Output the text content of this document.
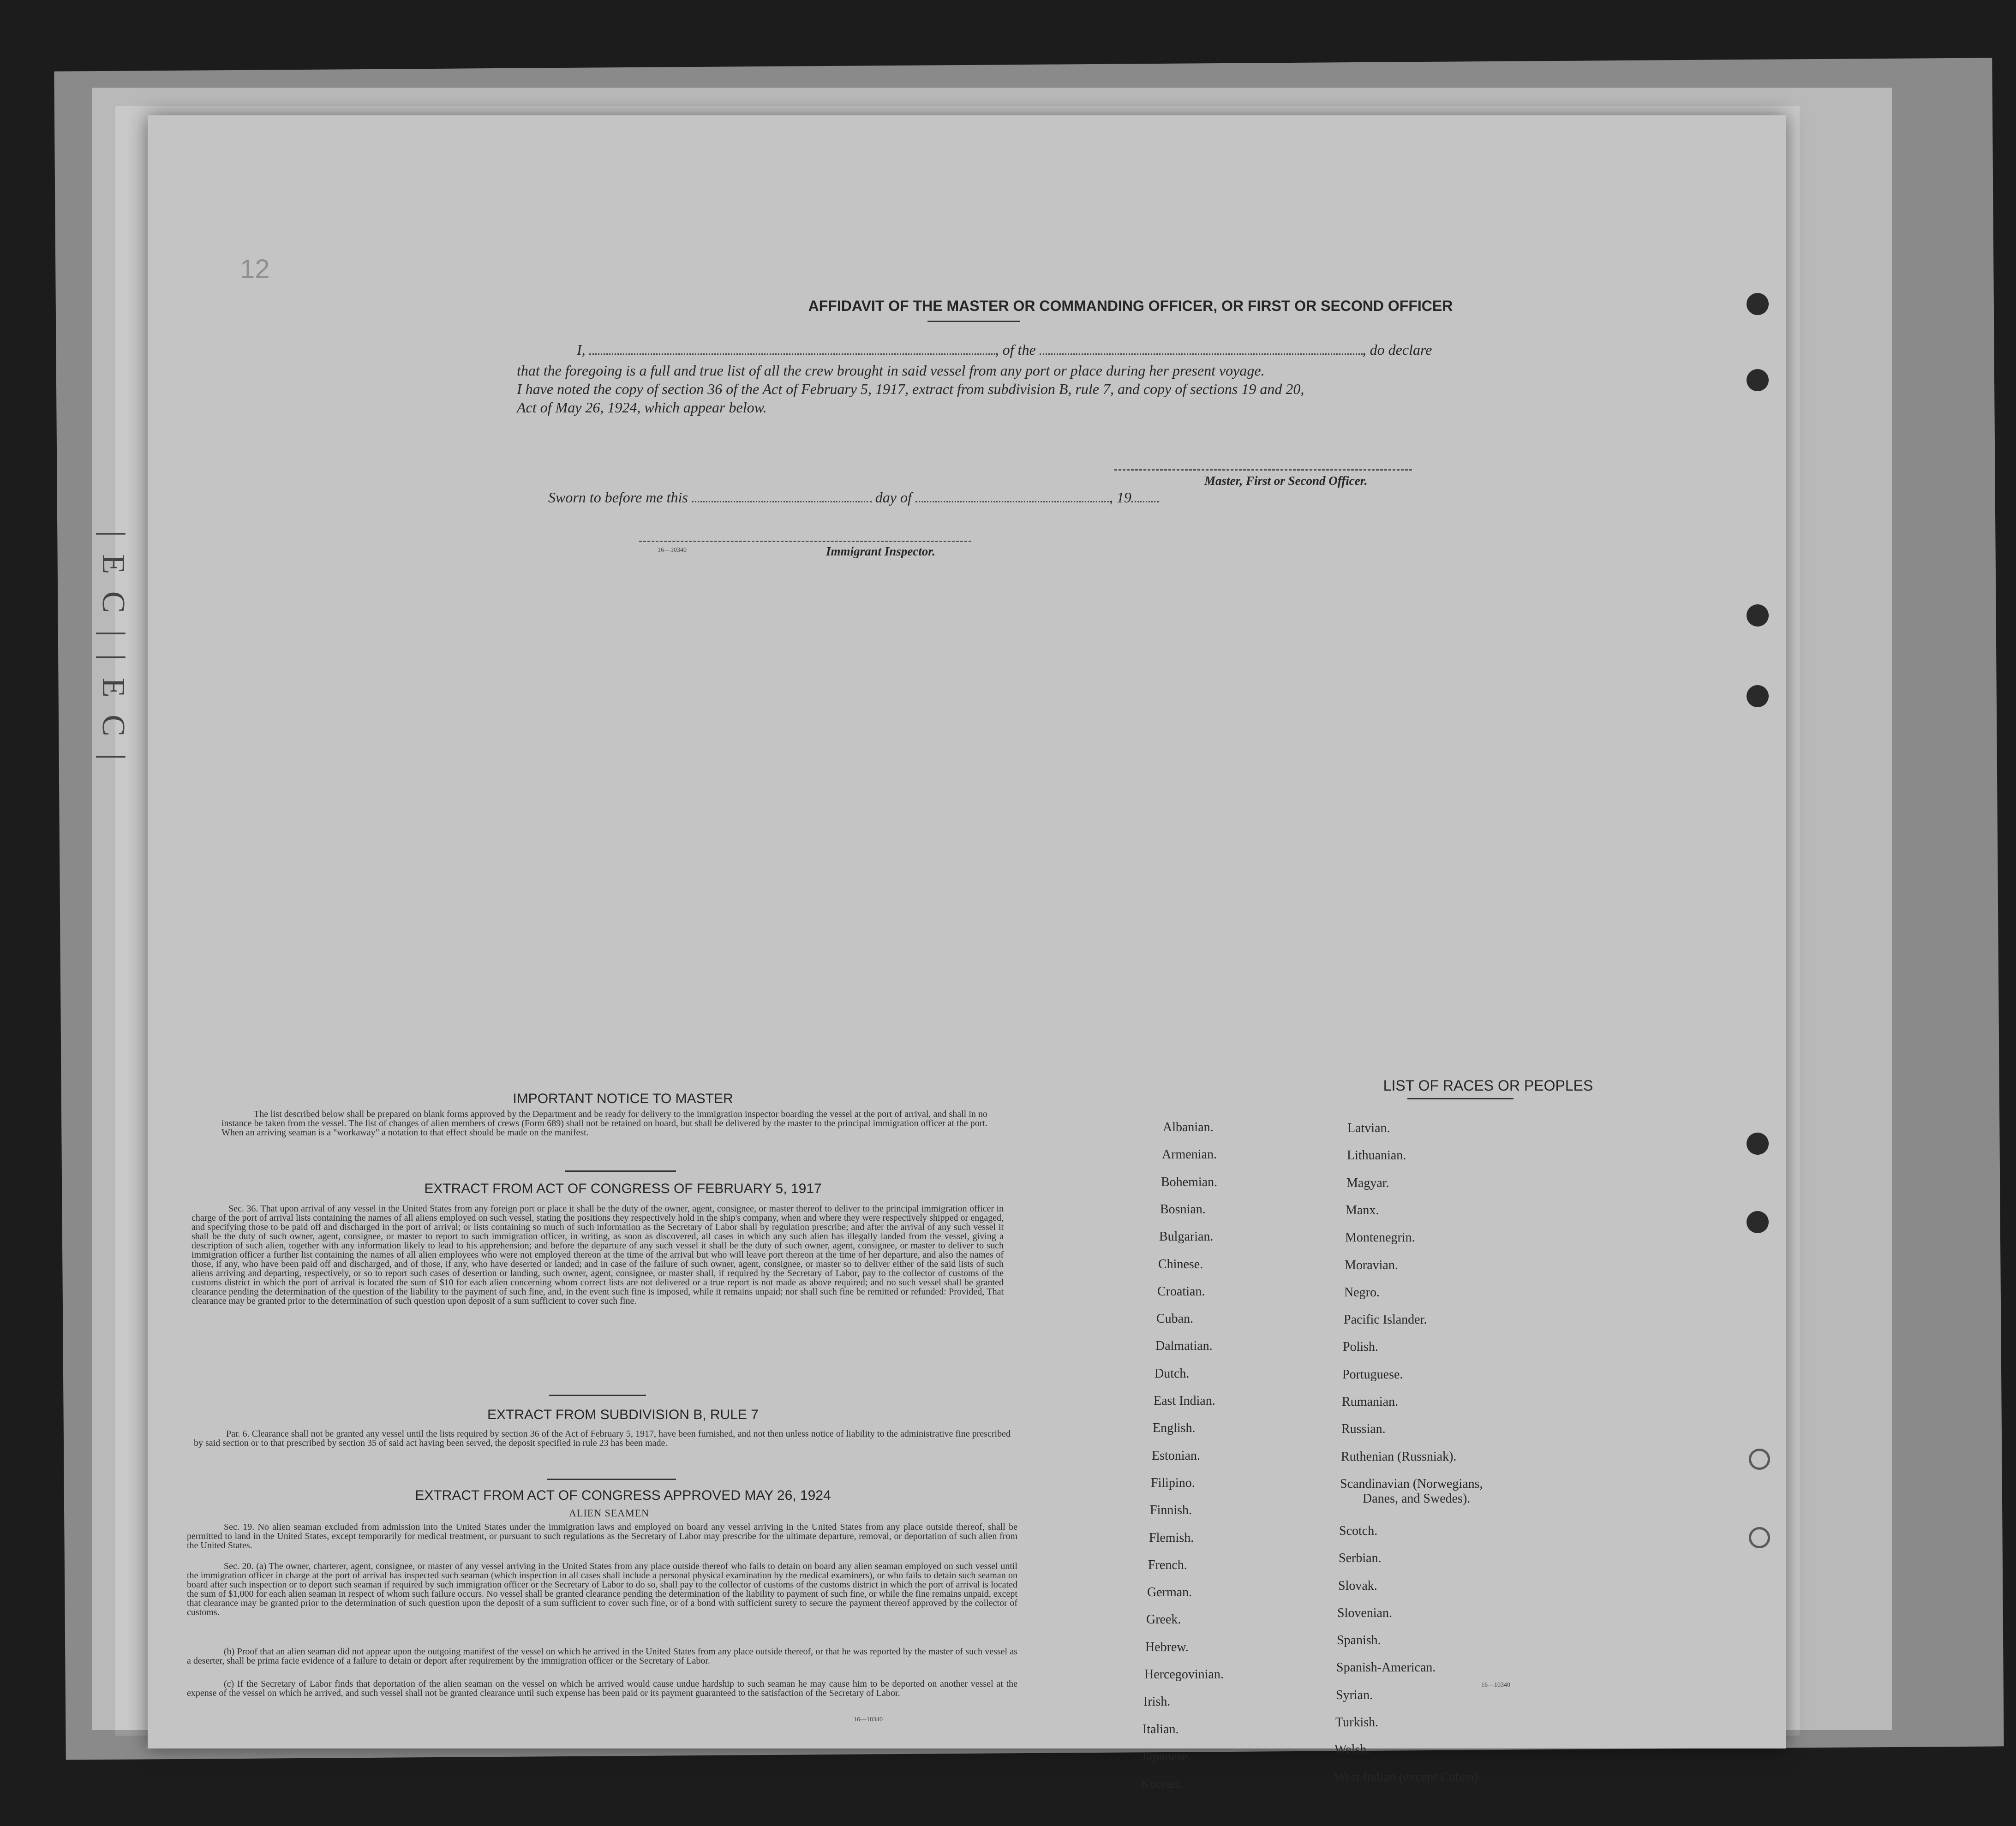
| E C | | E C |
12
AFFIDAVIT OF THE MASTER OR COMMANDING OFFICER, OR FIRST OR SECOND OFFICER
I,	, of the	, do declare
that the foregoing is a full and true list of all the crew brought in said vessel from any port or place during her present voyage.
I have noted the copy of section 36 of the Act of February 5, 1917, extract from subdivision B, rule 7, and copy of sections 19 and 20,
Act of May 26, 1924, which appear below.
Master, First or Second Officer.
Sworn to before me this	day of	, 19
16—10340	Immigrant Inspector.
IMPORTANT NOTICE TO MASTER
The list described below shall be prepared on blank forms approved by the Department and be ready for delivery to the immigration inspector boarding the vessel at the port of arrival, and shall in no instance be taken from the vessel. The list of changes of alien members of crews (Form 689) shall not be retained on board, but shall be delivered by the master to the principal immigration officer at the port. When an arriving seaman is a "workaway" a notation to that effect should be made on the manifest.
EXTRACT FROM ACT OF CONGRESS OF FEBRUARY 5, 1917
Sec. 36. That upon arrival of any vessel in the United States from any foreign port or place it shall be the duty of the owner, agent, consignee, or master thereof to deliver to the principal immigration officer in charge of the port of arrival lists containing the names of all aliens employed on such vessel, stating the positions they respectively hold in the ship's company, when and where they were respectively shipped or engaged, and specifying those to be paid off and discharged in the port of arrival; or lists containing so much of such information as the Secretary of Labor shall by regulation prescribe; and after the arrival of any such vessel it shall be the duty of such owner, agent, consignee, or master to report to such immigration officer, in writing, as soon as discovered, all cases in which any such alien has illegally landed from the vessel, giving a description of such alien, together with any information likely to lead to his apprehension; and before the departure of any such vessel it shall be the duty of such owner, agent, consignee, or master to deliver to such immigration officer a further list containing the names of all alien employees who were not employed thereon at the time of the arrival but who will leave port thereon at the time of her departure, and also the names of those, if any, who have been paid off and discharged, and of those, if any, who have deserted or landed; and in case of the failure of such owner, agent, consignee, or master so to deliver either of the said lists of such aliens arriving and departing, respectively, or so to report such cases of desertion or landing, such owner, agent, consignee, or master shall, if required by the Secretary of Labor, pay to the collector of customs of the customs district in which the port of arrival is located the sum of $10 for each alien concerning whom correct lists are not delivered or a true report is not made as above required; and no such vessel shall be granted clearance pending the determination of the question of the liability to the payment of such fine, and, in the event such fine is imposed, while it remains unpaid; nor shall such fine be remitted or refunded: Provided, That clearance may be granted prior to the determination of such question upon deposit of a sum sufficient to cover such fine.
EXTRACT FROM SUBDIVISION B, RULE 7
Par. 6. Clearance shall not be granted any vessel until the lists required by section 36 of the Act of February 5, 1917, have been furnished, and not then unless notice of liability to the administrative fine prescribed by said section or to that prescribed by section 35 of said act having been served, the deposit specified in rule 23 has been made.
EXTRACT FROM ACT OF CONGRESS APPROVED MAY 26, 1924
ALIEN SEAMEN
Sec. 19. No alien seaman excluded from admission into the United States under the immigration laws and employed on board any vessel arriving in the United States from any place outside thereof, shall be permitted to land in the United States, except temporarily for medical treatment, or pursuant to such regulations as the Secretary of Labor may prescribe for the ultimate departure, removal, or deportation of such alien from the United States.
Sec. 20. (a) The owner, charterer, agent, consignee, or master of any vessel arriving in the United States from any place outside thereof who fails to detain on board any alien seaman employed on such vessel until the immigration officer in charge at the port of arrival has inspected such seaman (which inspection in all cases shall include a personal physical examination by the medical examiners), or who fails to detain such seaman on board after such inspection or to deport such seaman if required by such immigration officer or the Secretary of Labor to do so, shall pay to the collector of customs of the customs district in which the port of arrival is located the sum of $1,000 for each alien seaman in respect of whom such failure occurs. No vessel shall be granted clearance pending the determination of the liability to payment of such fine, or while the fine remains unpaid, except that clearance may be granted prior to the determination of such question upon the deposit of a sum sufficient to cover such fine, or of a bond with sufficient surety to secure the payment thereof approved by the collector of customs.
(b) Proof that an alien seaman did not appear upon the outgoing manifest of the vessel on which he arrived in the United States from any place outside thereof, or that he was reported by the master of such vessel as a deserter, shall be prima facie evidence of a failure to detain or deport after requirement by the immigration officer or the Secretary of Labor.
(c) If the Secretary of Labor finds that deportation of the alien seaman on the vessel on which he arrived would cause undue hardship to such seaman he may cause him to be deported on another vessel at the expense of the vessel on which he arrived, and such vessel shall not be granted clearance until such expense has been paid or its payment guaranteed to the satisfaction of the Secretary of Labor.
16—10340
LIST OF RACES OR PEOPLES
Albanian.
Armenian.
Bohemian.
Bosnian.
Bulgarian.
Chinese.
Croatian.
Cuban.
Dalmatian.
Dutch.
East Indian.
English.
Estonian.
Filipino.
Finnish.
Flemish.
French.
German.
Greek.
Hebrew.
Hercegovinian.
Irish.
Italian.
Japanese.
Korean.
Latvian.
Lithuanian.
Magyar.
Manx.
Montenegrin.
Moravian.
Negro.
Pacific Islander.
Polish.
Portuguese.
Rumanian.
Russian.
Ruthenian (Russniak).
Scandinavian (Norwegians,
Danes, and Swedes).
Scotch.
Serbian.
Slovak.
Slovenian.
Spanish.
Spanish-American.
Syrian.
Turkish.
Welsh.
West Indian (except Cuban).
16—10340
